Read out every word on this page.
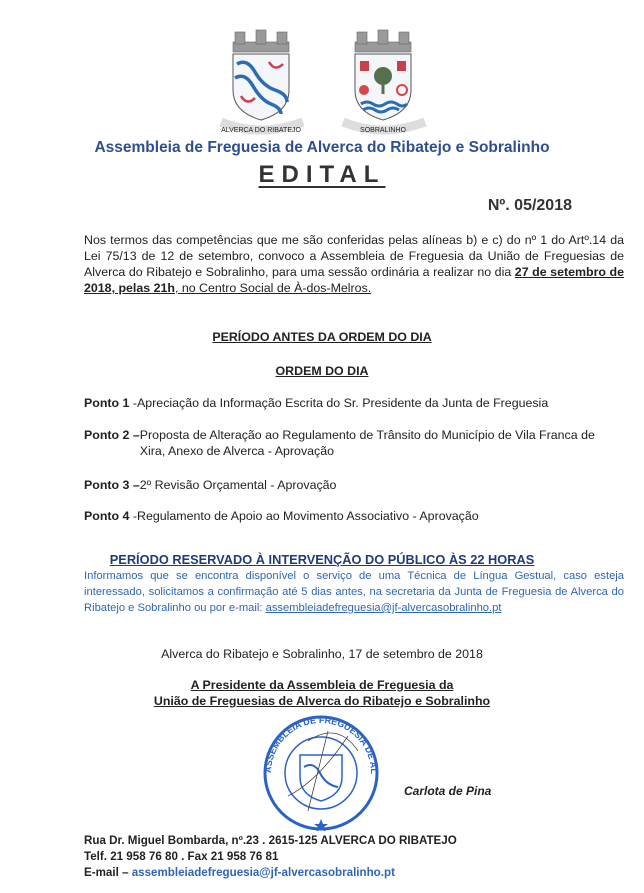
ALVERCA DO RIBATEJO	SOBRALINHO
Assembleia de Freguesia de Alverca do Ribatejo e Sobralinho
EDITAL
Nº. 05/2018
Nos termos das competências que me são conferidas pelas alíneas b) e c) do nº 1 do Artº.14 da Lei 75/13 de 12 de setembro, convoco a Assembleia de Freguesia da União de Freguesias de Alverca do Ribatejo e Sobralinho, para uma sessão ordinária a realizar no dia 27 de setembro de 2018, pelas 21h, no Centro Social de À-dos-Melros.
PERÍODO ANTES DA ORDEM DO DIA
ORDEM DO DIA
Ponto 1 - Apreciação da Informação Escrita do Sr. Presidente da Junta de Freguesia
Ponto 2 – Proposta de Alteração ao Regulamento de Trânsito do Município de Vila Franca de
Xira, Anexo de Alverca - Aprovação
Ponto 3 – 2º Revisão Orçamental - Aprovação
Ponto 4 - Regulamento de Apoio ao Movimento Associativo - Aprovação
PERÍODO RESERVADO À INTERVENÇÃO DO PÚBLICO ÀS 22 HORAS
Informamos que se encontra disponível o serviço de uma Técnica de Língua Gestual, caso esteja interessado, solicitamos a confirmação até 5 dias antes, na secretaria da Junta de Freguesia de Alverca do Ribatejo e Sobralinho ou por e-mail: assembleiadefreguesia@jf-alvercasobralinho.pt
Alverca do Ribatejo e Sobralinho, 17 de setembro de 2018
A Presidente da Assembleia de Freguesia da
União de Freguesias de Alverca do Ribatejo e Sobralinho
ASSEMBLEIA DE FREGUESIA DE AL
Carlota de Pina
Rua Dr. Miguel Bombarda, nº.23 . 2615-125 ALVERCA DO RIBATEJO
Telf. 21 958 76 80 . Fax 21 958 76 81
E-mail – assembleiadefreguesia@jf-alvercasobralinho.pt
